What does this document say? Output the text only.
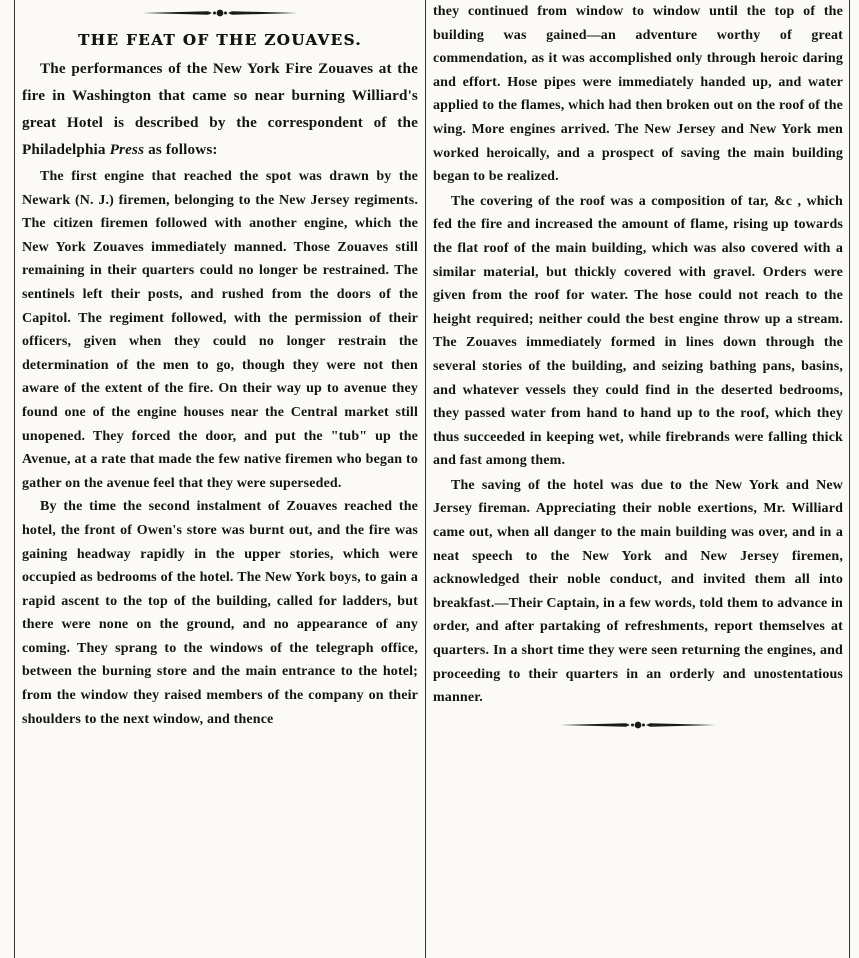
THE FEAT OF THE ZOUAVES.

The performances of the New York Fire Zouaves at the fire in Washington that came so near burning Williard's great Hotel is described by the correspondent of the Philadelphia Press as follows:

The first engine that reached the spot was drawn by the Newark (N. J.) firemen, belonging to the New Jersey regiments. The citizen firemen followed with another engine, which the New York Zouaves immediately manned. Those Zouaves still remaining in their quarters could no longer be restrained. The sentinels left their posts, and rushed from the doors of the Capitol. The regiment followed, with the permission of their officers, given when they could no longer restrain the determination of the men to go, though they were not then aware of the extent of the fire. On their way up to avenue they found one of the engine houses near the Central market still unopened. They forced the door, and put the "tub" up the Avenue, at a rate that made the few native firemen who began to gather on the avenue feel that they were superseded.

By the time the second instalment of Zouaves reached the hotel, the front of Owen's store was burnt out, and the fire was gaining headway rapidly in the upper stories, which were occupied as bedrooms of the hotel. The New York boys, to gain a rapid ascent to the top of the building, called for ladders, but there were none on the ground, and no appearance of any coming. They sprang to the windows of the telegraph office, between the burning store and the main entrance to the hotel; from the window they raised members of the company on their shoulders to the next window, and thence

they continued from window to window until the top of the building was gained—an adventure worthy of great commendation, as it was accomplished only through heroic daring and effort. Hose pipes were immediately handed up, and water applied to the flames, which had then broken out on the roof of the wing. More engines arrived. The New Jersey and New York men worked heroically, and a prospect of saving the main building began to be realized.

The covering of the roof was a composition of tar, &c , which fed the fire and increased the amount of flame, rising up towards the flat roof of the main building, which was also covered with a similar material, but thickly covered with gravel. Orders were given from the roof for water. The hose could not reach to the height required; neither could the best engine throw up a stream. The Zouaves immediately formed in lines down through the several stories of the building, and seizing bathing pans, basins, and whatever vessels they could find in the deserted bedrooms, they passed water from hand to hand up to the roof, which they thus succeeded in keeping wet, while firebrands were falling thick and fast among them.

The saving of the hotel was due to the New York and New Jersey fireman. Appreciating their noble exertions, Mr. Williard came out, when all danger to the main building was over, and in a neat speech to the New York and New Jersey firemen, acknowledged their noble conduct, and invited them all into breakfast.—Their Captain, in a few words, told them to advance in order, and after partaking of refreshments, report themselves at quarters. In a short time they were seen returning the engines, and proceeding to their quarters in an orderly and unostentatious manner.
